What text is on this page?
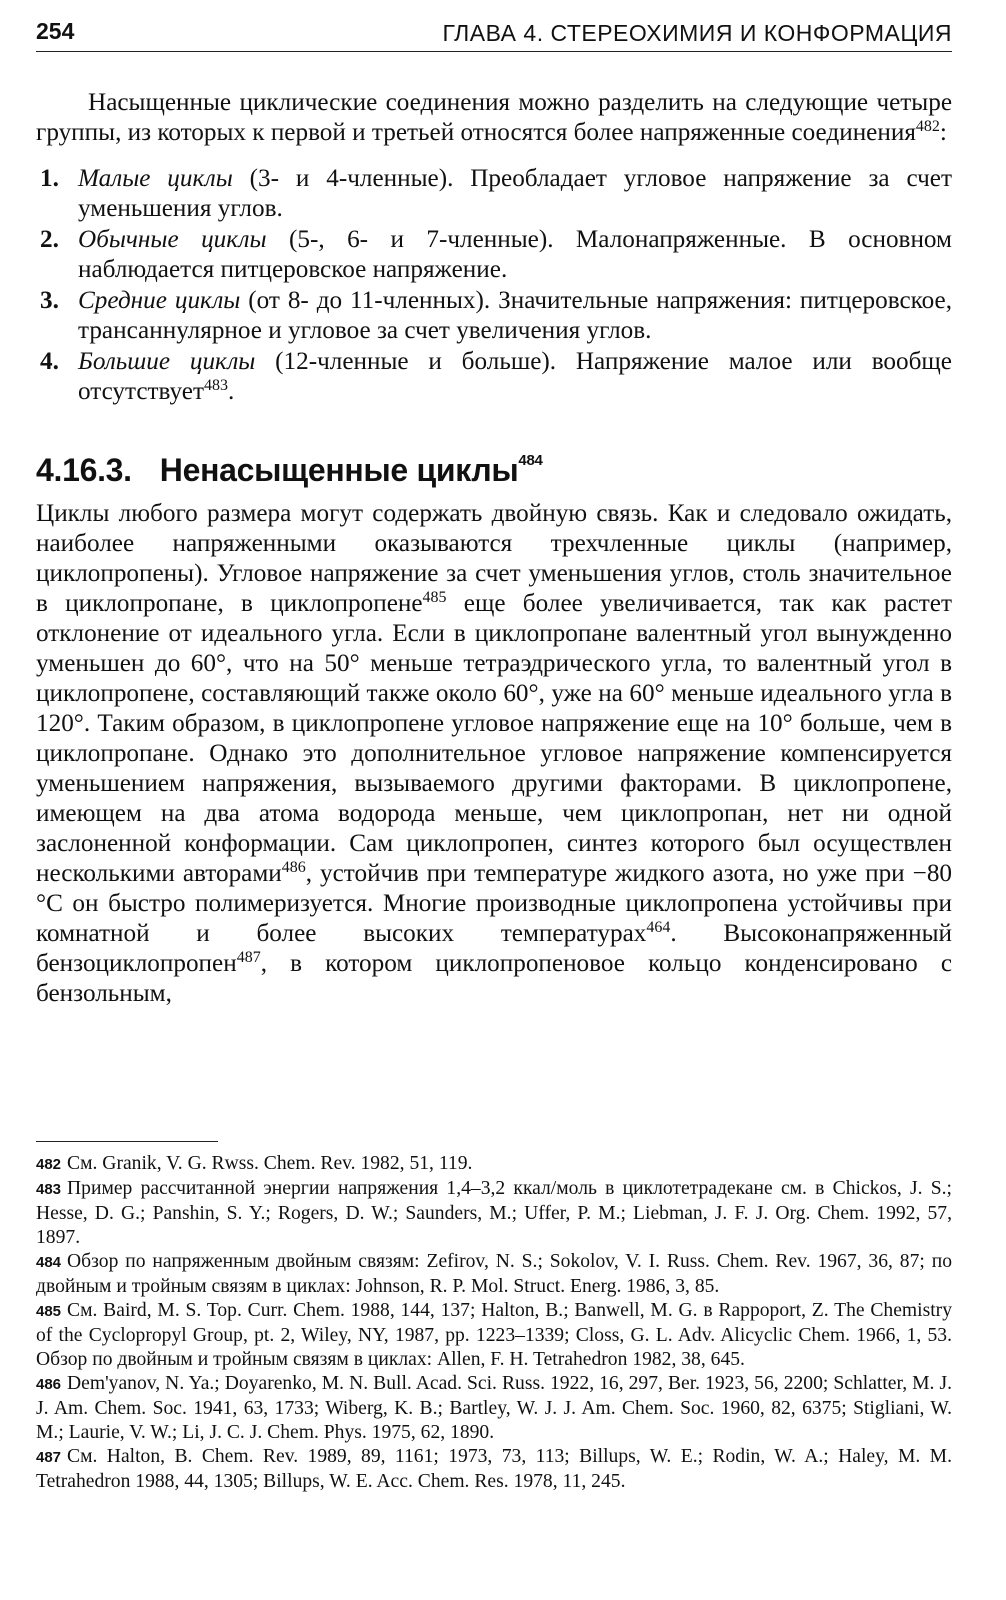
254	ГЛАВА 4. СТЕРЕОХИМИЯ И КОНФОРМАЦИЯ

Насыщенные циклические соединения можно разделить на следующие четыре группы, из которых к первой и третьей относятся более напряженные соединения$^{482}$:

1. Малые циклы (3- и 4-членные). Преобладает угловое напряжение за счет уменьшения углов.
2. Обычные циклы (5-, 6- и 7-членные). Малонапряженные. В основном наблюдается питцеровское напряжение.
3. Средние циклы (от 8- до 11-членных). Значительные напряжения: питцеровское, трансаннулярное и угловое за счет увеличения углов.
4. Большие циклы (12-членные и больше). Напряжение малое или вообще отсутствует$^{483}$.
4.16.3. Ненасыщенные циклы$^{484}$

Циклы любого размера могут содержать двойную связь. Как и следовало ожидать, наиболее напряженными оказываются трехчленные циклы (например, циклопропены). Угловое напряжение за счет уменьшения углов, столь значительное в циклопропане, в циклопропене$^{485}$ еще более увеличивается, так как растет отклонение от идеального угла. Если в циклопропане валентный угол вынужденно уменьшен до 60°, что на 50° меньше тетраэдрического угла, то валентный угол в циклопропене, составляющий также около 60°, уже на 60° меньше идеального угла в 120°. Таким образом, в циклопропене угловое напряжение еще на 10° больше, чем в циклопропане. Однако это дополнительное угловое напряжение компенсируется уменьшением напряжения, вызываемого другими факторами. В циклопропене, имеющем на два атома водорода меньше, чем циклопропан, нет ни одной заслоненной конформации. Сам циклопропен, синтез которого был осуществлен несколькими авторами$^{486}$, устойчив при температуре жидкого азота, но уже при −80 °C он быстро полимеризуется. Многие производные циклопропена устойчивы при комнатной и более высоких температурах$^{464}$. Высоконапряженный бензоциклопропен$^{487}$, в котором циклопропеновое кольцо конденсировано с бензольным,

482 См. Granik, V. G. Rwss. Chem. Rev. 1982, 51, 119.

483 Пример рассчитанной энергии напряжения 1,4–3,2 ккал/моль в циклотетрадекане см. в Chickos, J. S.; Hesse, D. G.; Panshin, S. Y.; Rogers, D. W.; Saunders, M.; Uffer, P. M.; Liebman, J. F. J. Org. Chem. 1992, 57, 1897.

484 Обзор по напряженным двойным связям: Zefirov, N. S.; Sokolov, V. I. Russ. Chem. Rev. 1967, 36, 87; по двойным и тройным связям в циклах: Johnson, R. P. Mol. Struct. Energ. 1986, 3, 85.

485 См. Baird, M. S. Top. Curr. Chem. 1988, 144, 137; Halton, B.; Banwell, M. G. в Rappoport, Z. The Chemistry of the Cyclopropyl Group, pt. 2, Wiley, NY, 1987, pp. 1223–1339; Closs, G. L. Adv. Alicyclic Chem. 1966, 1, 53. Обзор по двойным и тройным связям в циклах: Allen, F. H. Tetrahedron 1982, 38, 645.

486 Dem'yanov, N. Ya.; Doyarenko, M. N. Bull. Acad. Sci. Russ. 1922, 16, 297, Ber. 1923, 56, 2200; Schlatter, M. J. J. Am. Chem. Soc. 1941, 63, 1733; Wiberg, K. B.; Bartley, W. J. J. Am. Chem. Soc. 1960, 82, 6375; Stigliani, W. M.; Laurie, V. W.; Li, J. C. J. Chem. Phys. 1975, 62, 1890.

487 См. Halton, B. Chem. Rev. 1989, 89, 1161; 1973, 73, 113; Billups, W. E.; Rodin, W. A.; Haley, M. M. Tetrahedron 1988, 44, 1305; Billups, W. E. Acc. Chem. Res. 1978, 11, 245.
